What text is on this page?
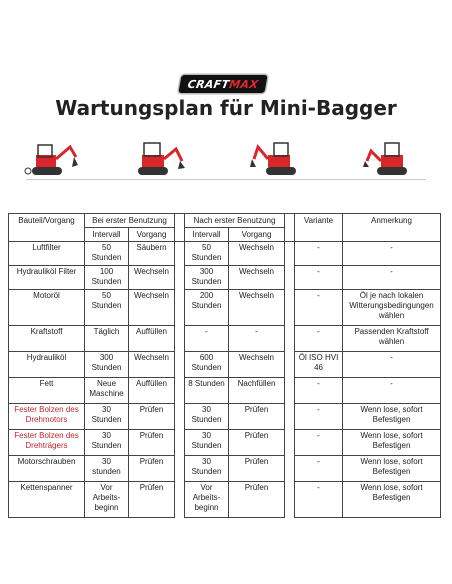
CRAFT
MAX
Wartungsplan für Mini-Bagger
Bauteil/Vorgang	Bei erster Benutzung			Nach erster Benutzung			Variante	Anmerkung
	Intervall	Vorgang		Intervall	Vorgang			
Luftfilter	50 Stunden	Säubern		50 Stunden	Wechseln		-	-
Hydrauliköl Filter	100 Stunden	Wechseln		300 Stunden	Wechseln		-	-
Motoröl	50 Stunden	Wechseln		200 Stunden	Wechseln		-	Öl je nach lokalen Witterungsbedingungen wählen
Kraftstoff	Täglich	Auffüllen		-	-		-	Passenden Kraftstoff wählen
Hydrauliköl	300 Stunden	Wechseln		600 Stunden	Wechseln		Öl ISO HVI 46	-
Fett	Neue Maschine	Auffüllen		8 Stunden	Nachfüllen		-	-
Fester Bolzen des Drehmotors	30 Stunden	Prüfen		30 Stunden	Prüfen		-	Wenn lose, sofort Befestigen
Fester Bolzen des Drehträgers	30 Stunden	Prüfen		30 Stunden	Prüfen		-	Wenn lose, sofort Befestigen
Motorschrauben	30 stunden	Prüfen		30 Stunden	Prüfen		-	Wenn lose, sofort Befestigen
Kettenspanner	Vor Arbeits-beginn	Prüfen		Vor Arbeits-beginn	Prüfen		-	Wenn lose, sofort Befestigen
